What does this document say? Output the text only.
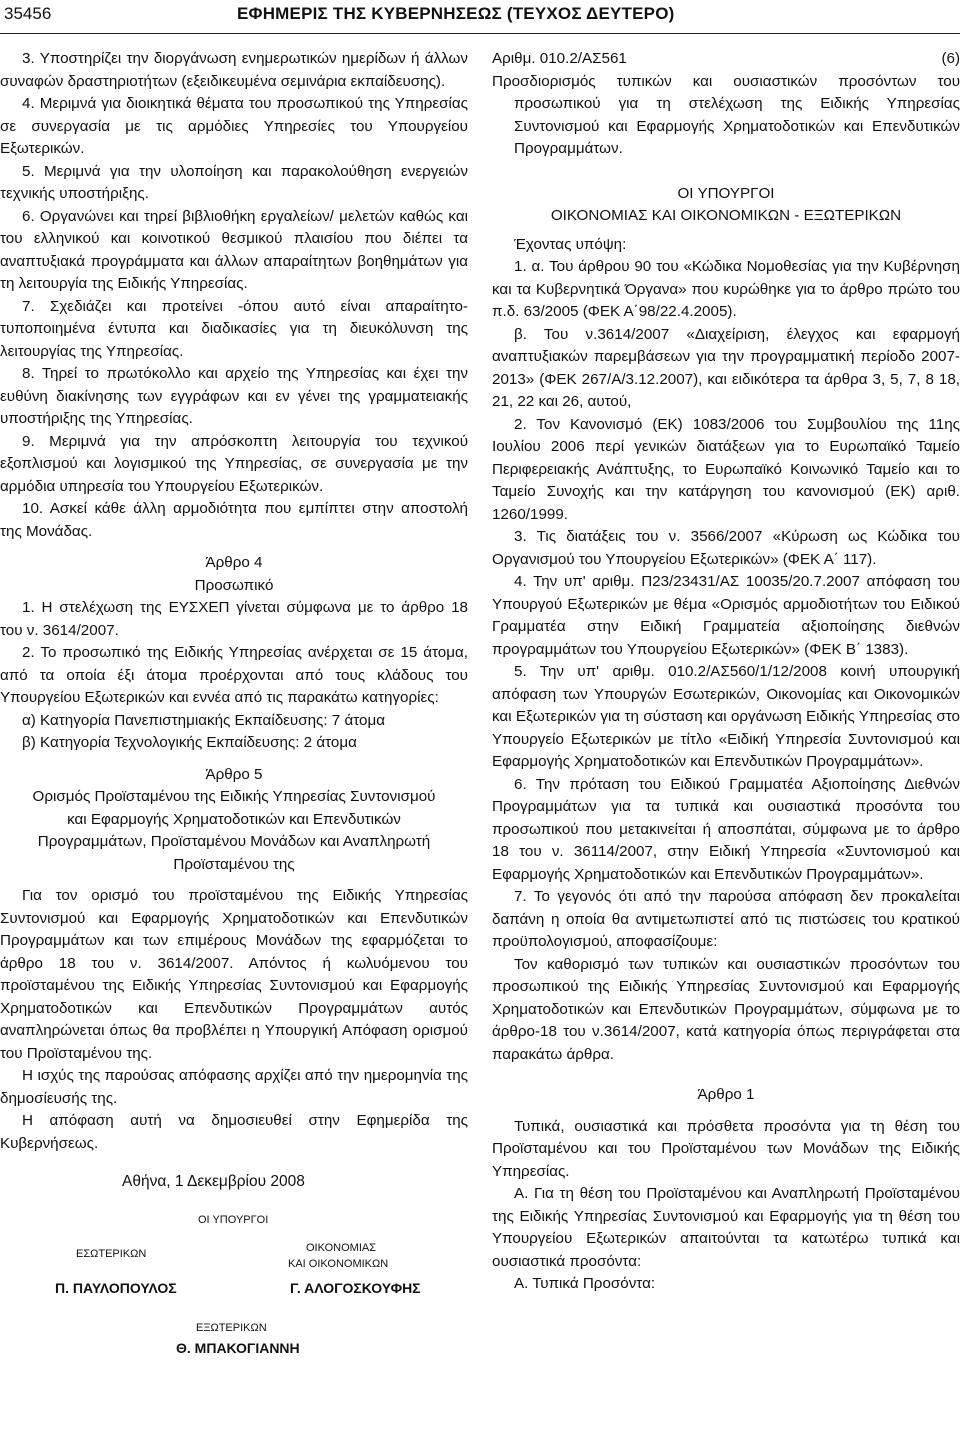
35456	ΕΦΗΜΕΡΙΣ ΤΗΣ ΚΥΒΕΡΝΗΣΕΩΣ (ΤΕΥΧΟΣ ΔΕΥΤΕΡΟ)

3. Υποστηρίζει την διοργάνωση ενημερωτικών ημερίδων ή άλλων συναφών δραστηριοτήτων (εξειδικευμένα σεμινάρια εκπαίδευσης).

4. Μεριμνά για διοικητικά θέματα του προσωπικού της Υπηρεσίας σε συνεργασία με τις αρμόδιες Υπηρεσίες του Υπουργείου Εξωτερικών.

5. Μεριμνά για την υλοποίηση και παρακολούθηση ενεργειών τεχνικής υποστήριξης.

6. Οργανώνει και τηρεί βιβλιοθήκη εργαλείων/ μελετών καθώς και του ελληνικού και κοινοτικού θεσμικού πλαισίου που διέπει τα αναπτυξιακά προγράμματα και άλλων απαραίτητων βοηθημάτων για τη λειτουργία της Ειδικής Υπηρεσίας.

7. Σχεδιάζει και προτείνει -όπου αυτό είναι απαραίτητο- τυποποιημένα έντυπα και διαδικασίες για τη διευκόλυνση της λειτουργίας της Υπηρεσίας.

8. Τηρεί το πρωτόκολλο και αρχείο της Υπηρεσίας και έχει την ευθύνη διακίνησης των εγγράφων και εν γένει της γραμματειακής υποστήριξης της Υπηρεσίας.

9. Μεριμνά για την απρόσκοπτη λειτουργία του τεχνικού εξοπλισμού και λογισμικού της Υπηρεσίας, σε συνεργασία με την αρμόδια υπηρεσία του Υπουργείου Εξωτερικών.

10. Ασκεί κάθε άλλη αρμοδιότητα που εμπίπτει στην αποστολή της Μονάδας.

Άρθρο 4

Προσωπικό

1. Η στελέχωση της ΕΥΣΧΕΠ γίνεται σύμφωνα με το άρθρο 18 του ν. 3614/2007.

2. Το προσωπικό της Ειδικής Υπηρεσίας ανέρχεται σε 15 άτομα, από τα οποία έξι άτομα προέρχονται από τους κλάδους του Υπουργείου Εξωτερικών και εννέα από τις παρακάτω κατηγορίες:

α) Κατηγορία Πανεπιστημιακής Εκπαίδευσης: 7 άτομα

β) Κατηγορία Τεχνολογικής Εκπαίδευσης: 2 άτομα

Άρθρο 5

Ορισμός Προϊσταμένου της Ειδικής Υπηρεσίας Συντονισμού και Εφαρμογής Χρηματοδοτικών και Επενδυτικών Προγραμμάτων, Προϊσταμένου Μονάδων και Αναπληρωτή Προϊσταμένου της

Για τον ορισμό του προϊσταμένου της Ειδικής Υπηρεσίας Συντονισμού και Εφαρμογής Χρηματοδοτικών και Επενδυτικών Προγραμμάτων και των επιμέρους Μονάδων της εφαρμόζεται το άρθρο 18 του ν. 3614/2007. Απόντος ή κωλυόμενου του προϊσταμένου της Ειδικής Υπηρεσίας Συντονισμού και Εφαρμογής Χρηματοδοτικών και Επενδυτικών Προγραμμάτων αυτός αναπληρώνεται όπως θα προβλέπει η Υπουργική Απόφαση ορισμού του Προϊσταμένου της.

Η ισχύς της παρούσας απόφασης αρχίζει από την ημερομηνία της δημοσίευσής της.

Η απόφαση αυτή να δημοσιευθεί στην Εφημερίδα της Κυβερνήσεως.

Αθήνα, 1 Δεκεμβρίου 2008
ΟΙ ΥΠΟΥΡΓΟΙ
ΕΣΩΤΕΡΙΚΩΝ
Π. ΠΑΥΛΟΠΟΥΛΟΣ
ΟΙΚΟΝΟΜΙΑΣ
ΚΑΙ ΟΙΚΟΝΟΜΙΚΩΝ
Γ. ΑΛΟΓΟΣΚΟΥΦΗΣ
ΕΞΩΤΕΡΙΚΩΝ
Θ. ΜΠΑΚΟΓΙΑΝΝΗ
Αριθμ. 010.2/ΑΣ561	(6)

Προσδιορισμός τυπικών και ουσιαστικών προσόντων του προσωπικού για τη στελέχωση της Ειδικής Υπηρεσίας Συντονισμού και Εφαρμογής Χρηματοδοτικών και Επενδυτικών Προγραμμάτων.

ΟΙ ΥΠΟΥΡΓΟΙ

ΟΙΚΟΝΟΜΙΑΣ ΚΑΙ ΟΙΚΟΝΟΜΙΚΩΝ - ΕΞΩΤΕΡΙΚΩΝ

Έχοντας υπόψη:

1. α. Του άρθρου 90 του «Κώδικα Νομοθεσίας για την Κυβέρνηση και τα Κυβερνητικά Όργανα» που κυρώθηκε για το άρθρο πρώτο του π.δ. 63/2005 (ΦΕΚ Α΄98/22.4.2005).

β. Του ν.3614/2007 «Διαχείριση, έλεγχος και εφαρμογή αναπτυξιακών παρεμβάσεων για την προγραμματική περίοδο 2007-2013» (ΦΕΚ 267/Α/3.12.2007), και ειδικότερα τα άρθρα 3, 5, 7, 8 18, 21, 22 και 26, αυτού,

2. Τον Κανονισμό (ΕΚ) 1083/2006 του Συμβουλίου της 11ης Ιουλίου 2006 περί γενικών διατάξεων για το Ευρωπαϊκό Ταμείο Περιφερειακής Ανάπτυξης, το Ευρωπαϊκό Κοινωνικό Ταμείο και το Ταμείο Συνοχής και την κατάργηση του κανονισμού (ΕΚ) αριθ. 1260/1999.

3. Τις διατάξεις του ν. 3566/2007 «Κύρωση ως Κώδικα του Οργανισμού του Υπουργείου Εξωτερικών» (ΦΕΚ Α΄ 117).

4. Την υπ' αριθμ. Π23/23431/ΑΣ 10035/20.7.2007 απόφαση του Υπουργού Εξωτερικών με θέμα «Ορισμός αρμοδιοτήτων του Ειδικού Γραμματέα στην Ειδική Γραμματεία αξιοποίησης διεθνών προγραμμάτων του Υπουργείου Εξωτερικών» (ΦΕΚ Β΄ 1383).

5. Την υπ' αριθμ. 010.2/ΑΣ560/1/12/2008 κοινή υπουργική απόφαση των Υπουργών Εσωτερικών, Οικονομίας και Οικονομικών και Εξωτερικών για τη σύσταση και οργάνωση Ειδικής Υπηρεσίας στο Υπουργείο Εξωτερικών με τίτλο «Ειδική Υπηρεσία Συντονισμού και Εφαρμογής Χρηματοδοτικών και Επενδυτικών Προγραμμάτων».

6. Την πρόταση του Ειδικού Γραμματέα Αξιοποίησης Διεθνών Προγραμμάτων για τα τυπικά και ουσιαστικά προσόντα του προσωπικού που μετακινείται ή αποσπάται, σύμφωνα με το άρθρο 18 του ν. 36114/2007, στην Ειδική Υπηρεσία «Συντονισμού και Εφαρμογής Χρηματοδοτικών και Επενδυτικών Προγραμμάτων».

7. Το γεγονός ότι από την παρούσα απόφαση δεν προκαλείται δαπάνη η οποία θα αντιμετωπιστεί από τις πιστώσεις του κρατικού προϋπολογισμού, αποφασίζουμε:

Τον καθορισμό των τυπικών και ουσιαστικών προσόντων του προσωπικού της Ειδικής Υπηρεσίας Συντονισμού και Εφαρμογής Χρηματοδοτικών και Επενδυτικών Προγραμμάτων, σύμφωνα με το άρθρο-18 του ν.3614/2007, κατά κατηγορία όπως περιγράφεται στα παρακάτω άρθρα.

Άρθρο 1

Τυπικά, ουσιαστικά και πρόσθετα προσόντα για τη θέση του Προϊσταμένου και του Προϊσταμένου των Μονάδων της Ειδικής Υπηρεσίας.

Α. Για τη θέση του Προϊσταμένου και Αναπληρωτή Προϊσταμένου της Ειδικής Υπηρεσίας Συντονισμού και Εφαρμογής για τη θέση του Υπουργείου Εξωτερικών απαιτούνται τα κατωτέρω τυπικά και ουσιαστικά προσόντα:

Α. Τυπικά Προσόντα:
